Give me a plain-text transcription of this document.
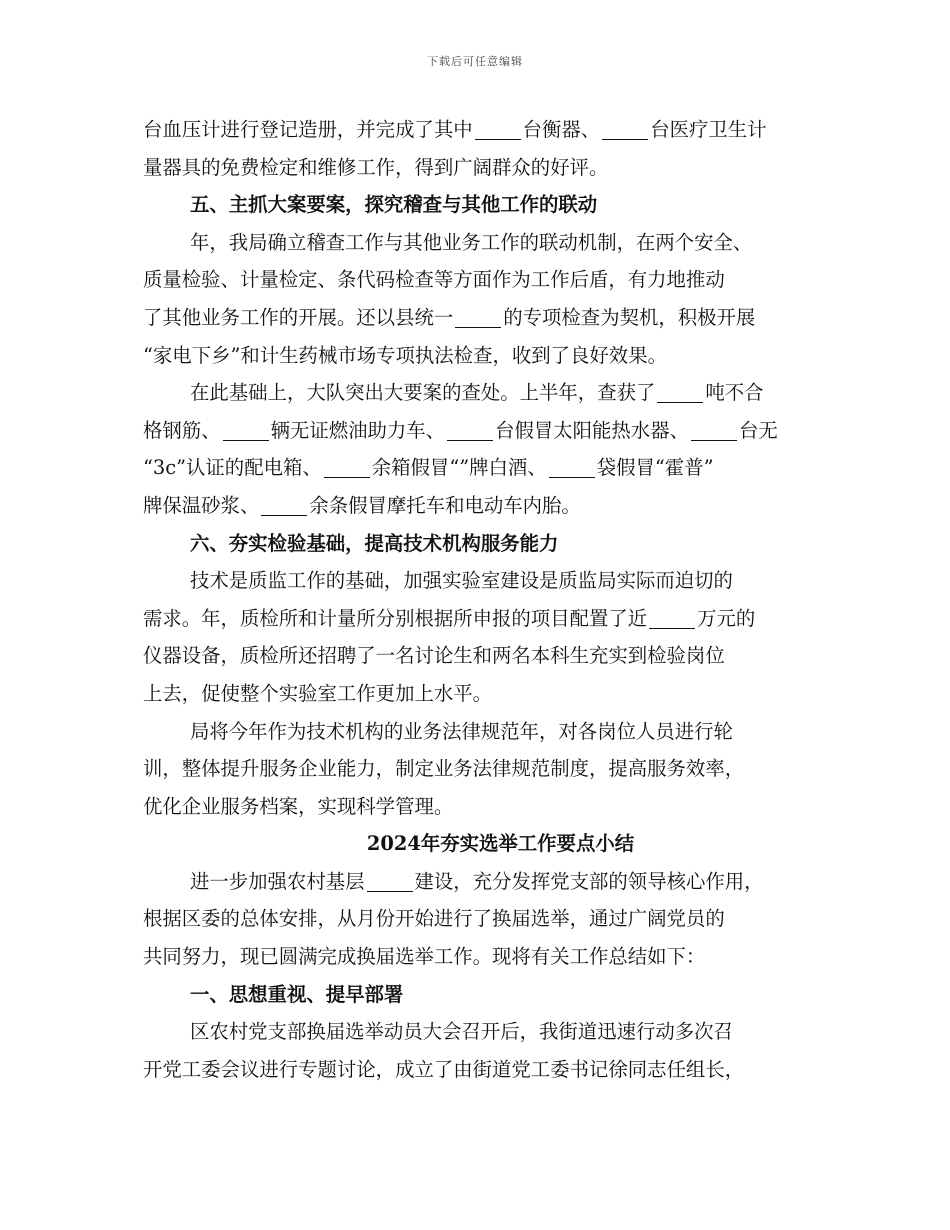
下载后可任意编辑
台血压计进行登记造册，并完成了其中	台衡器、	台医疗卫生计
量器具的免费检定和维修工作，得到广阔群众的好评。
五、主抓大案要案，探究稽查与其他工作的联动
年，我局确立稽查工作与其他业务工作的联动机制，在两个安全、
质量检验、计量检定、条代码检查等方面作为工作后盾，有力地推动
了其他业务工作的开展。还以县统一	的专项检查为契机，积极开展
“家电下乡”和计生药械市场专项执法检查，收到了良好效果。
在此基础上，大队突出大要案的查处。上半年，查获了	吨不合
格钢筋、	辆无证燃油助力车、	台假冒太阳能热水器、	台无
“3c”认证的配电箱、	余箱假冒“”牌白酒、	袋假冒“霍普”
牌保温砂浆、	余条假冒摩托车和电动车内胎。
六、夯实检验基础，提高技术机构服务能力
技术是质监工作的基础，加强实验室建设是质监局实际而迫切的
需求。年，质检所和计量所分别根据所申报的项目配置了近	万元的
仪器设备，质检所还招聘了一名讨论生和两名本科生充实到检验岗位
上去，促使整个实验室工作更加上水平。
局将今年作为技术机构的业务法律规范年，对各岗位人员进行轮
训，整体提升服务企业能力，制定业务法律规范制度，提高服务效率，
优化企业服务档案，实现科学管理。
2024年夯实选举工作要点小结
进一步加强农村基层	建设，充分发挥党支部的领导核心作用，
根据区委的总体安排，从月份开始进行了换届选举，通过广阔党员的
共同努力，现已圆满完成换届选举工作。现将有关工作总结如下：
一、思想重视、提早部署
区农村党支部换届选举动员大会召开后，我街道迅速行动多次召
开党工委会议进行专题讨论，成立了由街道党工委书记徐同志任组长，
